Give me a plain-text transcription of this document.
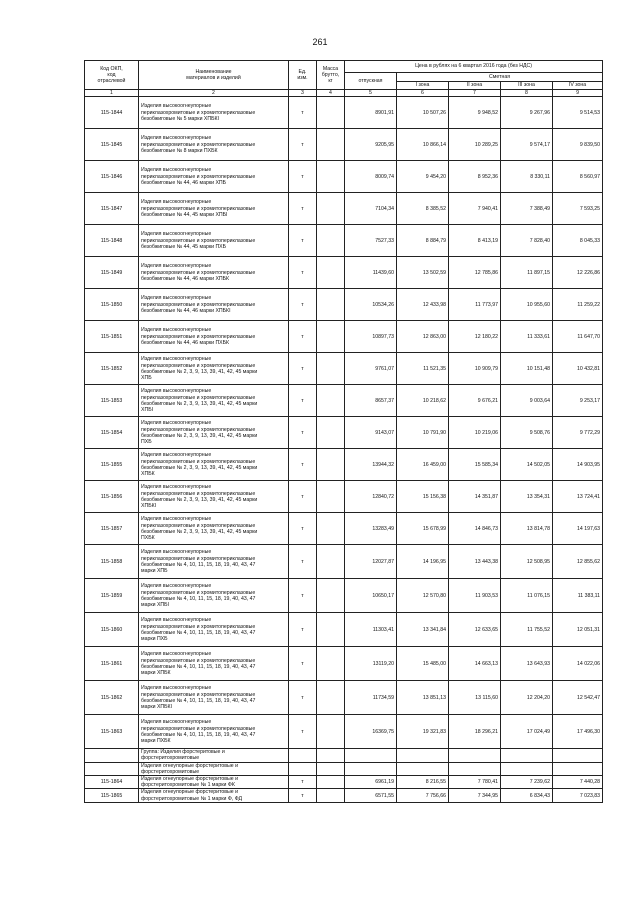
261
Код ОКП,
код
отраслевой	Наименование
материалов и изделий	Ед.
изм.	Масса
брутто,
кг	Цена в рублях на 6 квартал 2016 года (без НДС)				
				отпускная	Сметная			
					I зона	II зона	III зона	IV зона
1	2	3	4	5	6	7	8	9
115-1844	Изделия высокоогнеупорные
периклазохромитовые и хромитопериклазовые
безобжиговые № 5 марки ХПБКI	т		8901,91	10 507,26	9 948,52	9 267,96	9 514,53
115-1845	Изделия высокоогнеупорные
периклазохромитовые и хромитопериклазовые
безобжиговые № 8 марки ПХБК	т		9205,95	10 866,14	10 289,25	9 574,17	9 839,50
115-1846	Изделия высокоогнеупорные
периклазохромитовые и хромитопериклазовые
безобжиговые № 44, 46 марки ХПБ	т		8009,74	9 454,20	8 952,36	8 330,11	8 560,97
115-1847	Изделия высокоогнеупорные
периклазохромитовые и хромитопериклазовые
безобжиговые № 44, 45 марки ХПБI	т		7104,34	8 385,52	7 940,41	7 388,49	7 593,25
115-1848	Изделия высокоогнеупорные
периклазохромитовые и хромитопериклазовые
безобжиговые № 44, 45 марки ПХБ	т		7527,33	8 884,79	8 413,19	7 828,40	8 045,33
115-1849	Изделия высокоогнеупорные
периклазохромитовые и хромитопериклазовые
безобжиговые № 44, 46 марки ХПБК	т		11439,60	13 502,59	12 785,86	11 897,15	12 226,86
115-1850	Изделия высокоогнеупорные
периклазохромитовые и хромитопериклазовые
безобжиговые № 44, 46 марки ХПБКI	т		10534,26	12 433,98	11 773,97	10 955,60	11 259,22
115-1851	Изделия высокоогнеупорные
периклазохромитовые и хромитопериклазовые
безобжиговые № 44, 46 марки ПХБК	т		10897,73	12 863,00	12 180,22	11 333,61	11 647,70
115-1852	Изделия высокоогнеупорные
периклазохромитовые и хромитопериклазовые
безобжиговые № 2, 3, 9, 13, 39, 41, 42, 45 марки
ХПБ	т		9761,07	11 521,35	10 909,79	10 151,48	10 432,81
115-1853	Изделия высокоогнеупорные
периклазохромитовые и хромитопериклазовые
безобжиговые № 2, 3, 9, 13, 39, 41, 42, 45 марки
ХПБI	т		8657,37	10 218,62	9 676,21	9 003,64	9 253,17
115-1854	Изделия высокоогнеупорные
периклазохромитовые и хромитопериклазовые
безобжиговые № 2, 3, 9, 13, 39, 41, 42, 45 марки
ПХБ	т		9143,07	10 791,90	10 219,06	9 508,76	9 772,29
115-1855	Изделия высокоогнеупорные
периклазохромитовые и хромитопериклазовые
безобжиговые № 2, 3, 9, 13, 39, 41, 42, 45 марки
ХПБК	т		13944,32	16 459,00	15 585,34	14 502,05	14 903,95
115-1856	Изделия высокоогнеупорные
периклазохромитовые и хромитопериклазовые
безобжиговые № 2, 3, 9, 13, 39, 41, 42, 45 марки
ХПБКI	т		12840,72	15 156,38	14 351,87	13 354,31	13 724,41
115-1857	Изделия высокоогнеупорные
периклазохромитовые и хромитопериклазовые
безобжиговые № 2, 3, 9, 13, 39, 41, 42, 45 марки
ПХБК	т		13283,49	15 678,99	14 846,73	13 814,78	14 197,63
115-1858	Изделия высокоогнеупорные
периклазохромитовые и хромитопериклазовые
безобжиговые № 4, 10, 11, 15, 18, 19, 40, 43, 47
марки ХПБ	т		12027,87	14 196,95	13 443,38	12 508,95	12 855,62
115-1859	Изделия высокоогнеупорные
периклазохромитовые и хромитопериклазовые
безобжиговые № 4, 10, 11, 15, 18, 19, 40, 43, 47
марки ХПБI	т		10650,17	12 570,80	11 903,53	11 076,15	11 383,11
115-1860	Изделия высокоогнеупорные
периклазохромитовые и хромитопериклазовые
безобжиговые № 4, 10, 11, 15, 18, 19, 40, 43, 47
марки ПХБ	т		11303,41	13 341,84	12 633,65	11 755,52	12 051,31
115-1861	Изделия высокоогнеупорные
периклазохромитовые и хромитопериклазовые
безобжиговые № 4, 10, 11, 15, 18, 19, 40, 43, 47
марки ХПБК	т		13119,20	15 485,00	14 663,13	13 643,93	14 022,06
115-1862	Изделия высокоогнеупорные
периклазохромитовые и хромитопериклазовые
безобжиговые № 4, 10, 11, 15, 18, 19, 40, 43, 47
марки ХПБКI	т		11734,59	13 851,13	13 115,60	12 204,20	12 542,47
115-1863	Изделия высокоогнеупорные
периклазохромитовые и хромитопериклазовые
безобжиговые № 4, 10, 11, 15, 18, 19, 40, 43, 47
марки ПХБК	т		16369,75	19 321,83	18 296,21	17 024,49	17 496,30
	Группа: Изделия форстеритовые и
форстеритохромитовые							
	Изделия огнеупорные форстеритовые и
форстеритохромитовые							
115-1864	Изделия огнеупорные форстеритовые и
форстеритохромитовые № 1 марки ФК	т		6961,19	8 216,55	7 780,41	7 239,62	7 440,28
115-1865	Изделия огнеупорные форстеритовые и
форстеритохромитовые № 1 марки Ф, ФД	т		6571,55	7 756,66	7 344,95	6 834,43	7 023,83
